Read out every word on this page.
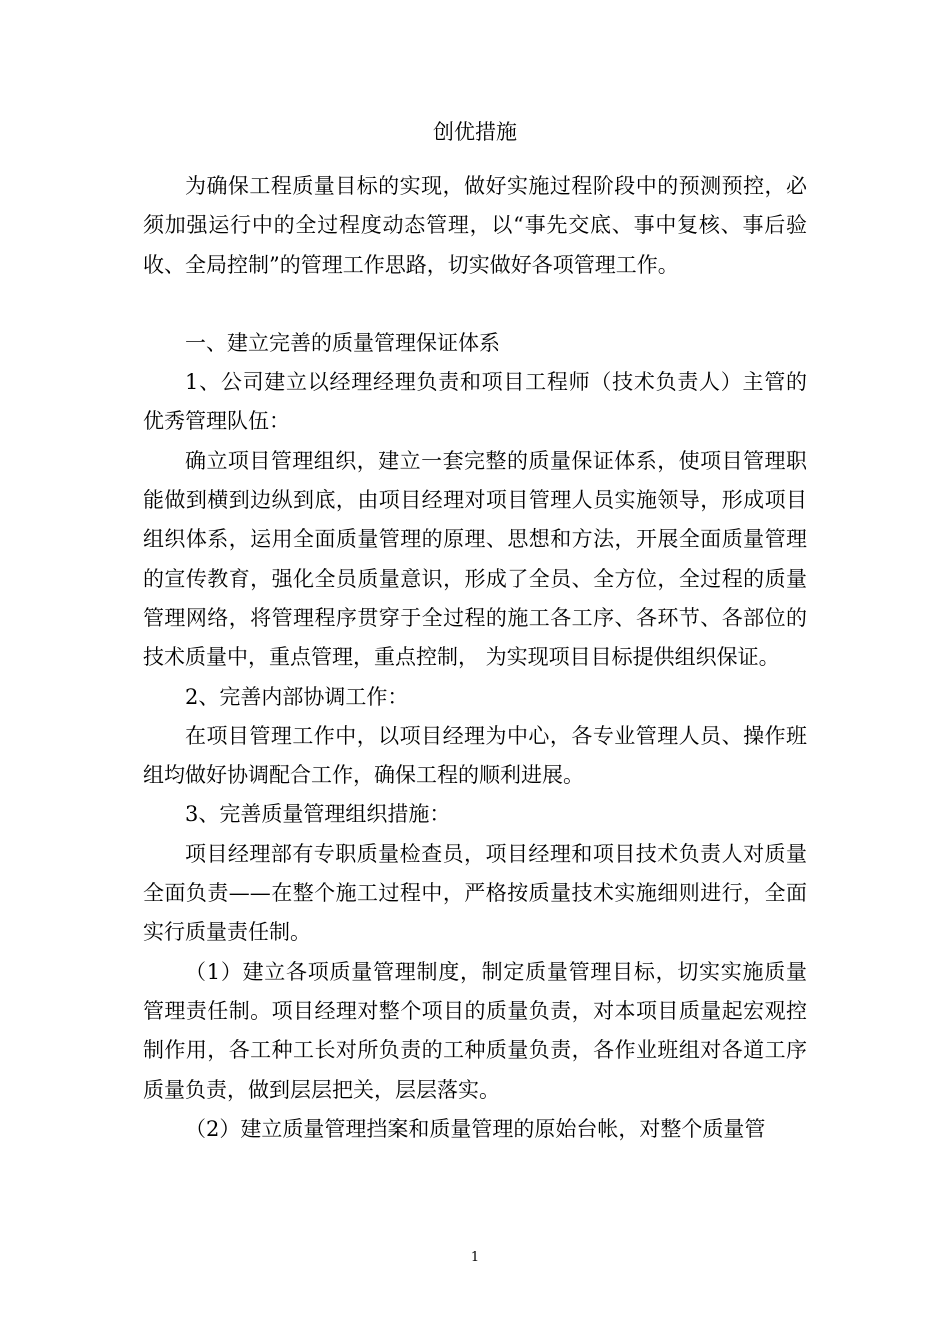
创优措施

为确保工程质量目标的实现，做好实施过程阶段中的预测预控，必须加强运行中的全过程度动态管理，以“事先交底、事中复核、事后验收、全局控制”的管理工作思路，切实做好各项管理工作。

一、建立完善的质量管理保证体系

1、公司建立以经理经理负责和项目工程师（技术负责人）主管的优秀管理队伍：

确立项目管理组织，建立一套完整的质量保证体系，使项目管理职能做到横到边纵到底，由项目经理对项目管理人员实施领导，形成项目组织体系，运用全面质量管理的原理、思想和方法，开展全面质量管理的宣传教育，强化全员质量意识，形成了全员、全方位，全过程的质量管理网络，将管理程序贯穿于全过程的施工各工序、各环节、各部位的技术质量中，重点管理，重点控制， 为实现项目目标提供组织保证。

2、完善内部协调工作：

在项目管理工作中，以项目经理为中心，各专业管理人员、操作班组均做好协调配合工作，确保工程的顺利进展。

3、完善质量管理组织措施：

项目经理部有专职质量检查员，项目经理和项目技术负责人对质量全面负责——在整个施工过程中，严格按质量技术实施细则进行，全面实行质量责任制。

（1）建立各项质量管理制度，制定质量管理目标，切实实施质量管理责任制。项目经理对整个项目的质量负责，对本项目质量起宏观控制作用，各工种工长对所负责的工种质量负责，各作业班组对各道工序质量负责，做到层层把关，层层落实。

（2）建立质量管理挡案和质量管理的原始台帐，对整个质量管

1
